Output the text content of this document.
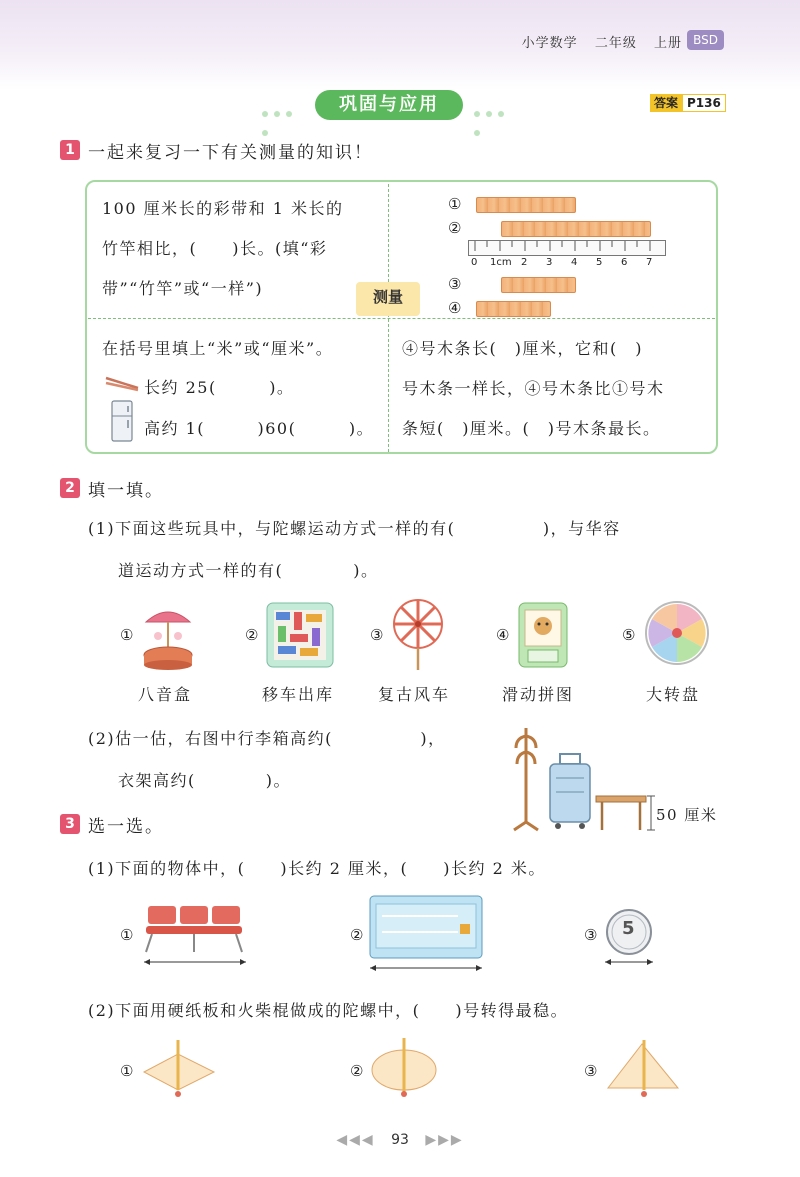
小学数学 二年级 上册 BSD
巩固与应用	答案 P136
1 一起来复习一下有关测量的知识！
测量
100 厘米长的彩带和 1 米长的
竹竿相比，(　　)长。(填“彩
带”“竹竿”或“一样”)
①
②
0 1cm 2 3 4 5 6 7
③
④
在括号里填上“米”或“厘米”。
长约 25(　　　)。
高约 1(　　　)60(　　　)。
④号木条长(　)厘米，它和(　)
号木条一样长，④号木条比①号木
条短(　)厘米。(　)号木条最长。
2 填一填。
(1)下面这些玩具中，与陀螺运动方式一样的有(　　　　　)，与华容
道运动方式一样的有(　　　　)。
①
八音盒
②
移车出库
③
复古风车
④
滑动拼图
⑤
大转盘
(2)估一估，右图中行李箱高约(　　　　　)，
衣架高约(　　　　)。
50 厘米
3 选一选。
(1)下面的物体中，(　　)长约 2 厘米，(　　)长约 2 米。
①	②	③ 5
(2)下面用硬纸板和火柴棍做成的陀螺中，(　　)号转得最稳。
①	②	③
◀◀◀ 93 ▶▶▶
